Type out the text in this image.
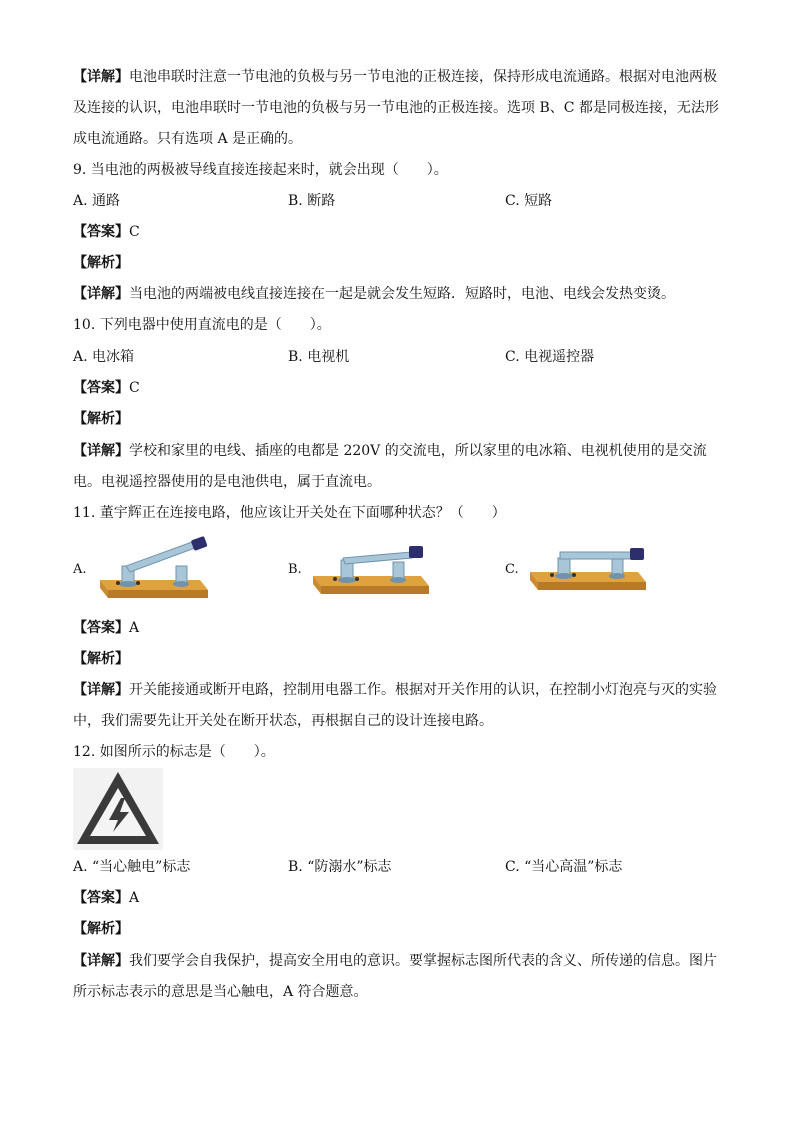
【详解】电池串联时注意一节电池的负极与另一节电池的正极连接，保持形成电流通路。根据对电池两极
及连接的认识，电池串联时一节电池的负极与另一节电池的正极连接。选项 B、C 都是同极连接，无法形
成电流通路。只有选项 A 是正确的。
9. 当电池的两极被导线直接连接起来时，就会出现（　　）。
A. 通路	B. 断路	C. 短路
【答案】C
【解析】
【详解】当电池的两端被电线直接连接在一起是就会发生短路．短路时，电池、电线会发热变烫。
10. 下列电器中使用直流电的是（　　）。
A. 电冰箱	B. 电视机	C. 电视遥控器
【答案】C
【解析】
【详解】学校和家里的电线、插座的电都是 220V 的交流电，所以家里的电冰箱、电视机使用的是交流
电。电视遥控器使用的是电池供电，属于直流电。
11. 董宇辉正在连接电路，他应该让开关处在下面哪种状态？（　　）
A.	B.	C.
【答案】A
【解析】
【详解】开关能接通或断开电路，控制用电器工作。根据对开关作用的认识，在控制小灯泡亮与灭的实验
中，我们需要先让开关处在断开状态，再根据自己的设计连接电路。
12. 如图所示的标志是（　　）。
A. “当心触电”标志	B. “防溺水”标志	C. “当心高温”标志
【答案】A
【解析】
【详解】我们要学会自我保护，提高安全用电的意识。要掌握标志图所代表的含义、所传递的信息。图片
所示标志表示的意思是当心触电，A 符合题意。
